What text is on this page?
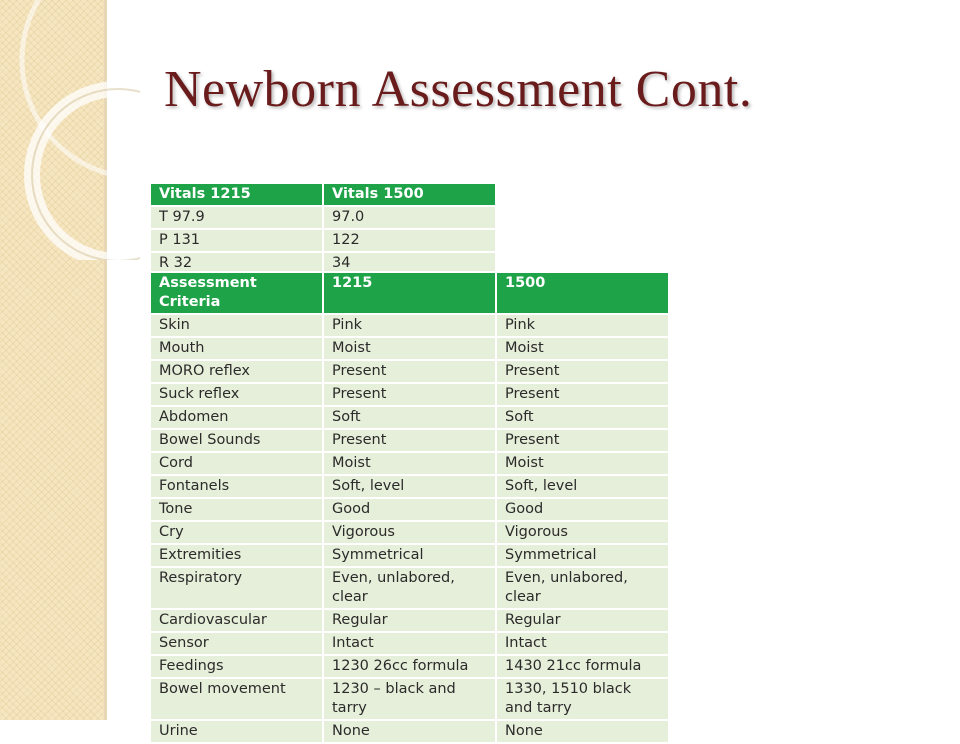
Newborn Assessment Cont.
Vitals 1215	Vitals 1500
T 97.9	97.0
P 131	122
R 32	34
Assessment Criteria	1215	1500
Skin	Pink	Pink
Mouth	Moist	Moist
MORO reflex	Present	Present
Suck reflex	Present	Present
Abdomen	Soft	Soft
Bowel Sounds	Present	Present
Cord	Moist	Moist
Fontanels	Soft, level	Soft, level
Tone	Good	Good
Cry	Vigorous	Vigorous
Extremities	Symmetrical	Symmetrical
Respiratory	Even, unlabored, clear	Even, unlabored, clear
Cardiovascular	Regular	Regular
Sensor	Intact	Intact
Feedings	1230 26cc formula	1430 21cc formula
Bowel movement	1230 – black and tarry	1330, 1510 black and tarry
Urine	None	None
